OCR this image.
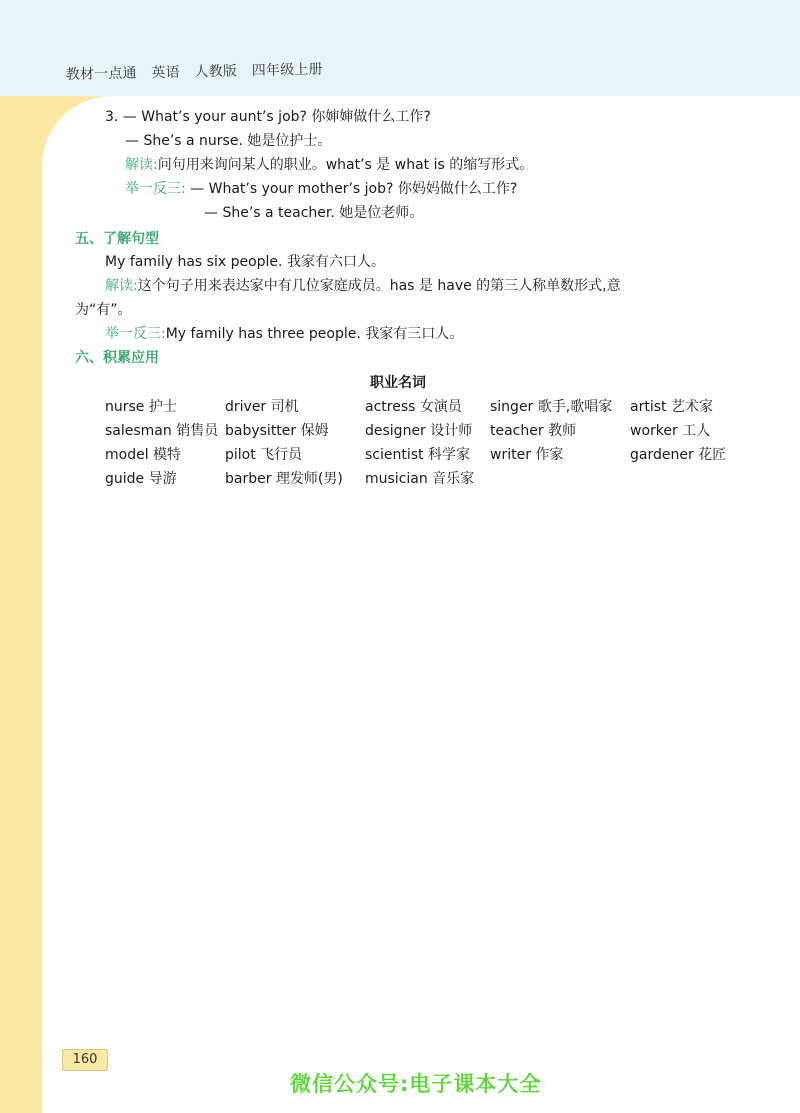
教材一点通 英语 人教版 四年级上册
3. — What’s your aunt’s job? 你婶婶做什么工作?
— She’s a nurse. 她是位护士。
解读:问句用来询问某人的职业。what’s 是 what is 的缩写形式。
举一反三: — What’s your mother’s job? 你妈妈做什么工作?
— She’s a teacher. 她是位老师。
五、了解句型
My family has six people. 我家有六口人。
解读:这个句子用来表达家中有几位家庭成员。has 是 have 的第三人称单数形式,意
为“有”。
举一反三:My family has three people. 我家有三口人。
六、积累应用
职业名词
nurse 护士	driver 司机	actress 女演员 singer 歌手,歌唱家 artist 艺术家
salesman 销售员 babysitter 保姆	designer 设计师 teacher 教师	worker 工人
model 模特	pilot 飞行员	scientist 科学家 writer 作家	gardener 花匠
guide 导游	barber 理发师(男) musician 音乐家
160
微信公众号:电子课本大全
